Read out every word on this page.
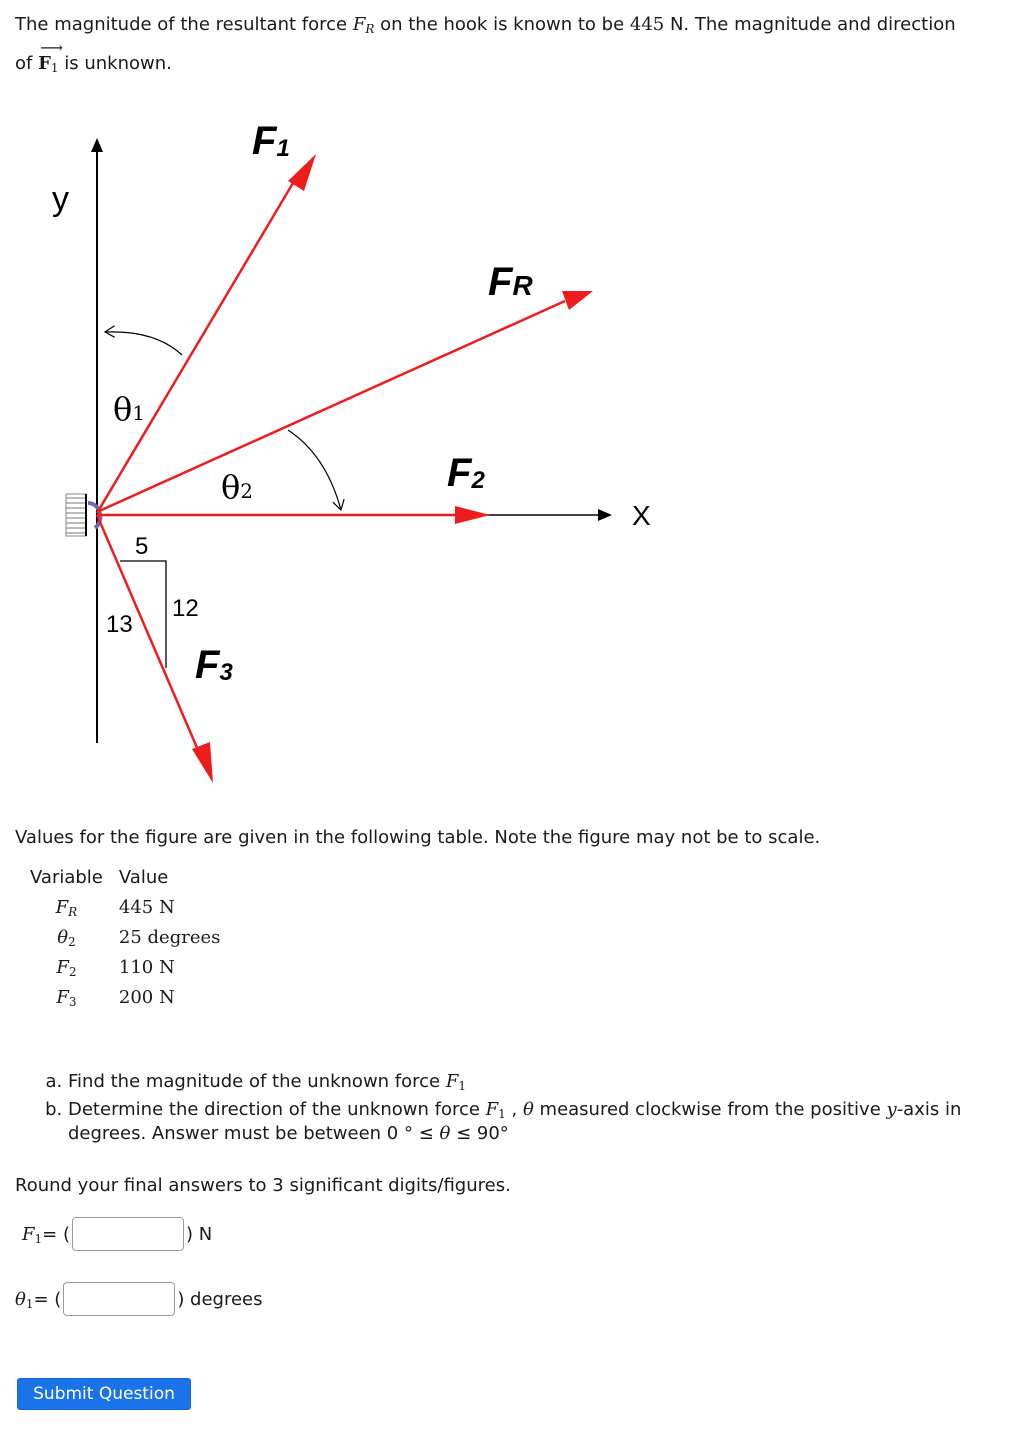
The magnitude of the resultant force $F_R$ on the hook is known to be 445 N. The magnitude and direction

of
⟶
$F_1$ is unknown.

y
X
F1
FR
F2
F3
θ1
θ2
5
12
13

Values for the figure are given in the following table. Note the figure may not be to scale.

Variable	Value
$F_R$	445 N
$\theta_2$	25 degrees
$F_2$	110 N
$F_3$	200 N
a. Find the magnitude of the unknown force $F_1$
b. Determine the direction of the unknown force $F_1$ , θ measured clockwise from the positive y-axis in degrees. Answer must be between 0 ° ≤ θ ≤ 90°

Round your final answers to 3 significant digits/figures.

$F_1$ = (	) N
$\theta_1$ = (	) degrees
Submit Question
